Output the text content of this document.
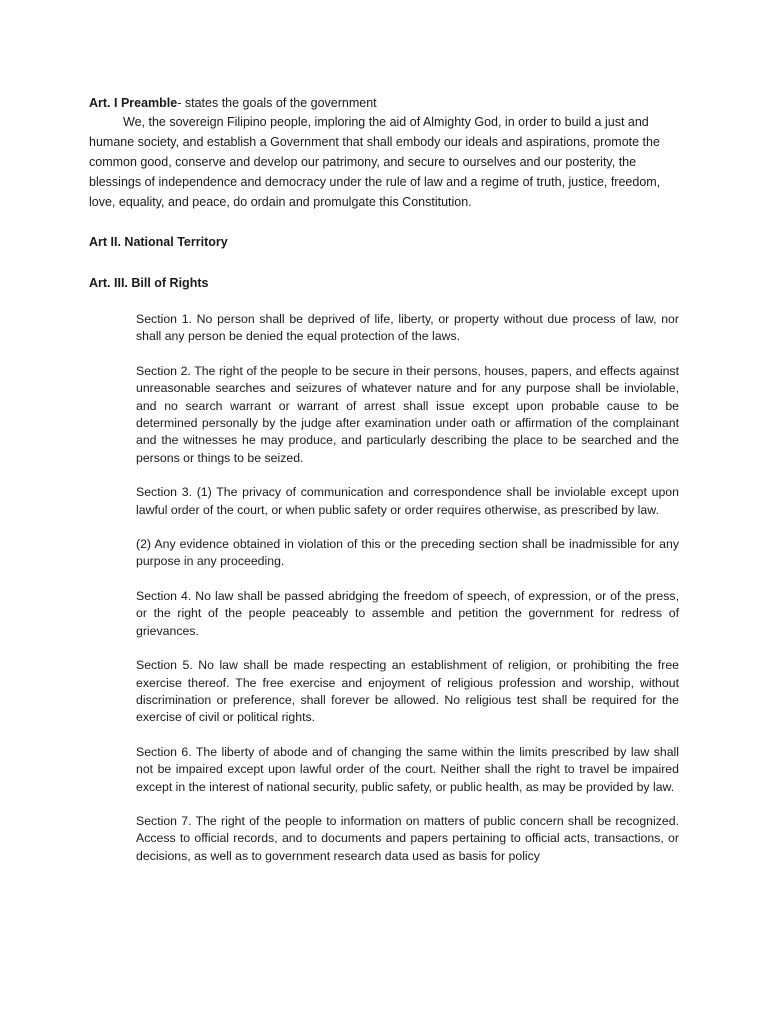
Art. I Preamble- states the goals of the government

We, the sovereign Filipino people, imploring the aid of Almighty God, in order to build a just and humane society, and establish a Government that shall embody our ideals and aspirations, promote the common good, conserve and develop our patrimony, and secure to ourselves and our posterity, the blessings of independence and democracy under the rule of law and a regime of truth, justice, freedom, love, equality, and peace, do ordain and promulgate this Constitution.

Art II. National Territory

Art. III. Bill of Rights

Section 1. No person shall be deprived of life, liberty, or property without due process of law, nor shall any person be denied the equal protection of the laws.

Section 2. The right of the people to be secure in their persons, houses, papers, and effects against unreasonable searches and seizures of whatever nature and for any purpose shall be inviolable, and no search warrant or warrant of arrest shall issue except upon probable cause to be determined personally by the judge after examination under oath or affirmation of the complainant and the witnesses he may produce, and particularly describing the place to be searched and the persons or things to be seized.

Section 3. (1) The privacy of communication and correspondence shall be inviolable except upon lawful order of the court, or when public safety or order requires otherwise, as prescribed by law.

(2) Any evidence obtained in violation of this or the preceding section shall be inadmissible for any purpose in any proceeding.

Section 4. No law shall be passed abridging the freedom of speech, of expression, or of the press, or the right of the people peaceably to assemble and petition the government for redress of grievances.

Section 5. No law shall be made respecting an establishment of religion, or prohibiting the free exercise thereof. The free exercise and enjoyment of religious profession and worship, without discrimination or preference, shall forever be allowed. No religious test shall be required for the exercise of civil or political rights.

Section 6. The liberty of abode and of changing the same within the limits prescribed by law shall not be impaired except upon lawful order of the court. Neither shall the right to travel be impaired except in the interest of national security, public safety, or public health, as may be provided by law.

Section 7. The right of the people to information on matters of public concern shall be recognized. Access to official records, and to documents and papers pertaining to official acts, transactions, or decisions, as well as to government research data used as basis for policy
